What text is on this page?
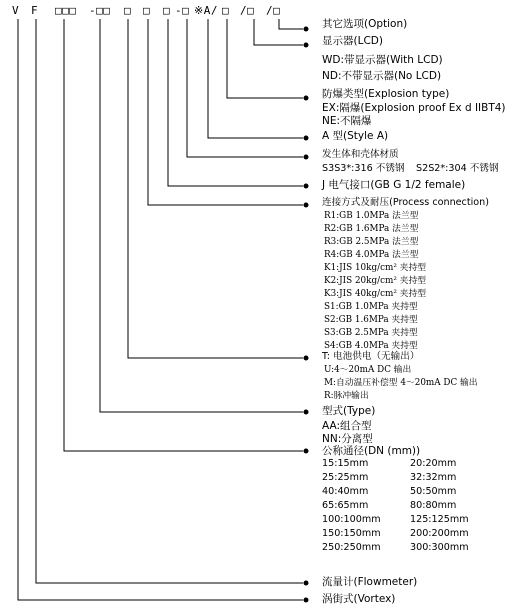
V F □□□ -□□ □ □ □ -□ ※A/ □ /□ /□
其它选项(Option)
显示器(LCD)
WD:带显示器(With LCD)
ND:不带显示器(No LCD)
防爆类型(Explosion type)
EX:隔爆(Explosion proof Ex d IIBT4)
NE:不隔爆
A 型(Style A)
发生体和壳体材质
S3S3*:316 不锈钢 S2S2*:304 不锈钢
J 电气接口(GB G 1/2 female)
连接方式及耐压(Process connection)
R1:GB 1.0MPa 法兰型
R2:GB 1.6MPa 法兰型
R3:GB 2.5MPa 法兰型
R4:GB 4.0MPa 法兰型
K1:JIS 10kg/cm² 夹持型
K2:JIS 20kg/cm² 夹持型
K3:JIS 40kg/cm² 夹持型
S1:GB 1.0MPa 夹持型
S2:GB 1.6MPa 夹持型
S3:GB 2.5MPa 夹持型
S4:GB 4.0MPa 夹持型
T: 电池供电（无输出）
U:4～20mA DC 输出
M:自动温压补偿型 4～20mA DC 输出
R:脉冲输出
型式(Type)
AA:组合型
NN:分离型
公称通径(DN (mm))
15:15mm
25:25mm
40:40mm
65:65mm
100:100mm
150:150mm
250:250mm
20:20mm
32:32mm
50:50mm
80:80mm
125:125mm
200:200mm
300:300mm
流量计(Flowmeter)
涡街式(Vortex)
